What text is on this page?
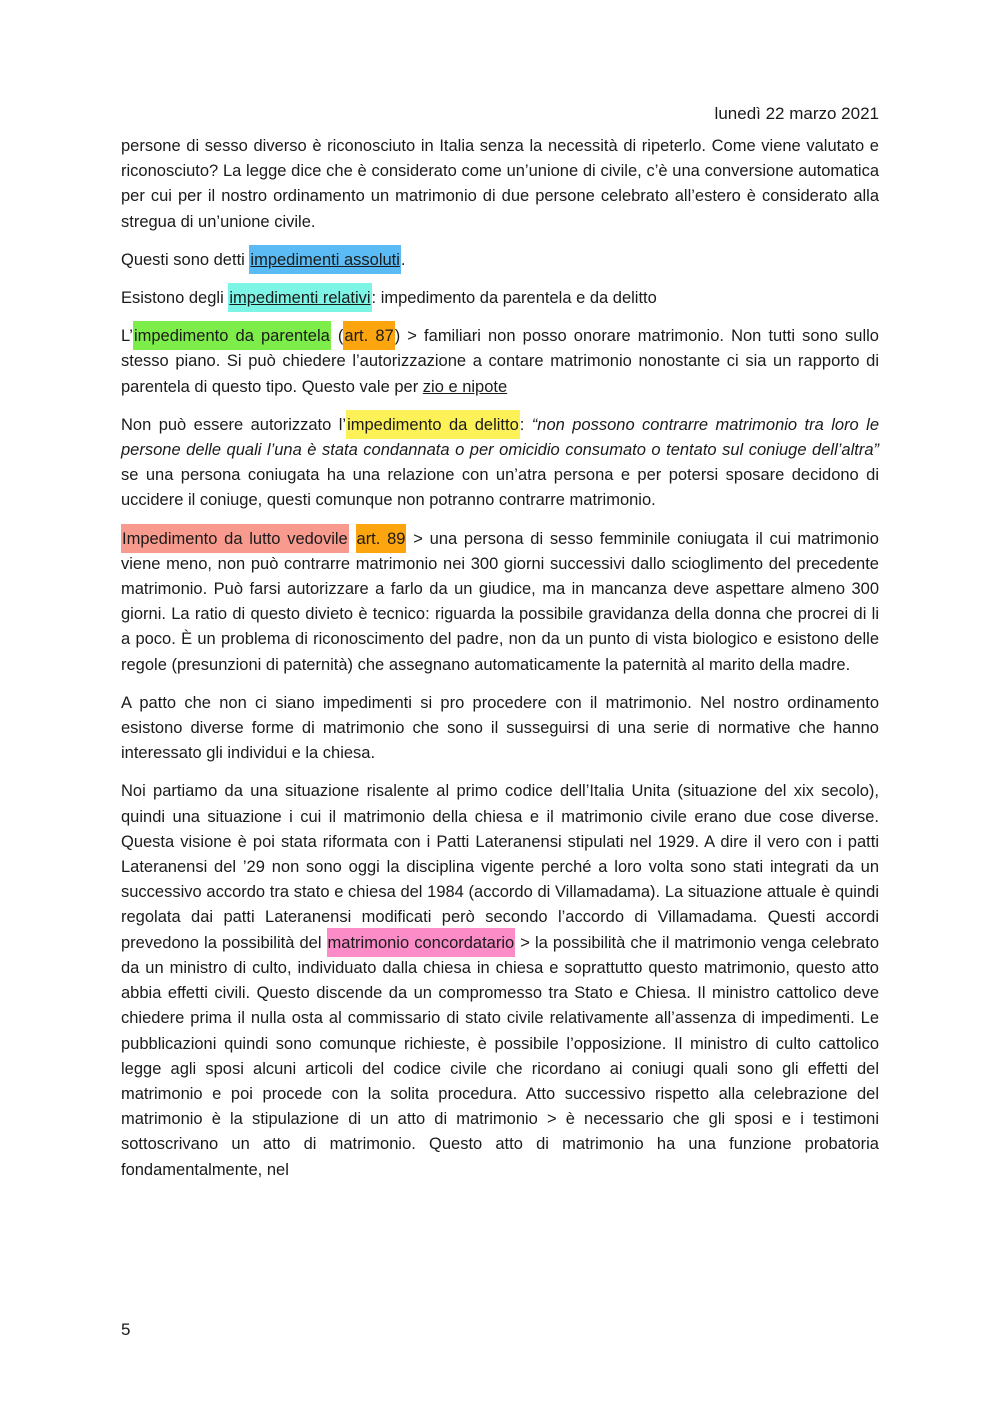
lunedì 22 marzo 2021

persone di sesso diverso è riconosciuto in Italia senza la necessità di ripeterlo. Come viene valutato e riconosciuto? La legge dice che è considerato come un’unione di civile, c’è una conversione automatica per cui per il nostro ordinamento un matrimonio di due persone celebrato all’estero è considerato alla stregua di un’unione civile.

Questi sono detti impedimenti assoluti.

Esistono degli impedimenti relativi: impedimento da parentela e da delitto

L’impedimento da parentela (art. 87) > familiari non posso onorare matrimonio. Non tutti sono sullo stesso piano. Si può chiedere l’autorizzazione a contare matrimonio nonostante ci sia un rapporto di parentela di questo tipo. Questo vale per zio e nipote

Non può essere autorizzato l’impedimento da delitto: “non possono contrarre matrimonio tra loro le persone delle quali l’una è stata condannata o per omicidio consumato o tentato sul coniuge dell’altra” se una persona coniugata ha una relazione con un’atra persona e per potersi sposare decidono di uccidere il coniuge, questi comunque non potranno contrarre matrimonio.

Impedimento da lutto vedovile art. 89 > una persona di sesso femminile coniugata il cui matrimonio viene meno, non può contrarre matrimonio nei 300 giorni successivi dallo scioglimento del precedente matrimonio. Può farsi autorizzare a farlo da un giudice, ma in mancanza deve aspettare almeno 300 giorni. La ratio di questo divieto è tecnico: riguarda la possibile gravidanza della donna che procrei di li a poco. È un problema di riconoscimento del padre, non da un punto di vista biologico e esistono delle regole (presunzioni di paternità) che assegnano automaticamente la paternità al marito della madre.

A patto che non ci siano impedimenti si pro procedere con il matrimonio. Nel nostro ordinamento esistono diverse forme di matrimonio che sono il susseguirsi di una serie di normative che hanno interessato gli individui e la chiesa.

Noi partiamo da una situazione risalente al primo codice dell’Italia Unita (situazione del xix secolo), quindi una situazione i cui il matrimonio della chiesa e il matrimonio civile erano due cose diverse. Questa visione è poi stata riformata con i Patti Lateranensi stipulati nel 1929. A dire il vero con i patti Lateranensi del ’29 non sono oggi la disciplina vigente perché a loro volta sono stati integrati da un successivo accordo tra stato e chiesa del 1984 (accordo di Villamadama). La situazione attuale è quindi regolata dai patti Lateranensi modificati però secondo l’accordo di Villamadama. Questi accordi prevedono la possibilità del matrimonio concordatario > la possibilità che il matrimonio venga celebrato da un ministro di culto, individuato dalla chiesa in chiesa e soprattutto questo matrimonio, questo atto abbia effetti civili. Questo discende da un compromesso tra Stato e Chiesa. Il ministro cattolico deve chiedere prima il nulla osta al commissario di stato civile relativamente all’assenza di impedimenti. Le pubblicazioni quindi sono comunque richieste, è possibile l’opposizione. Il ministro di culto cattolico legge agli sposi alcuni articoli del codice civile che ricordano ai coniugi quali sono gli effetti del matrimonio e poi procede con la solita procedura. Atto successivo rispetto alla celebrazione del matrimonio è la stipulazione di un atto di matrimonio > è necessario che gli sposi e i testimoni sottoscrivano un atto di matrimonio. Questo atto di matrimonio ha una funzione probatoria fondamentalmente, nel

5
